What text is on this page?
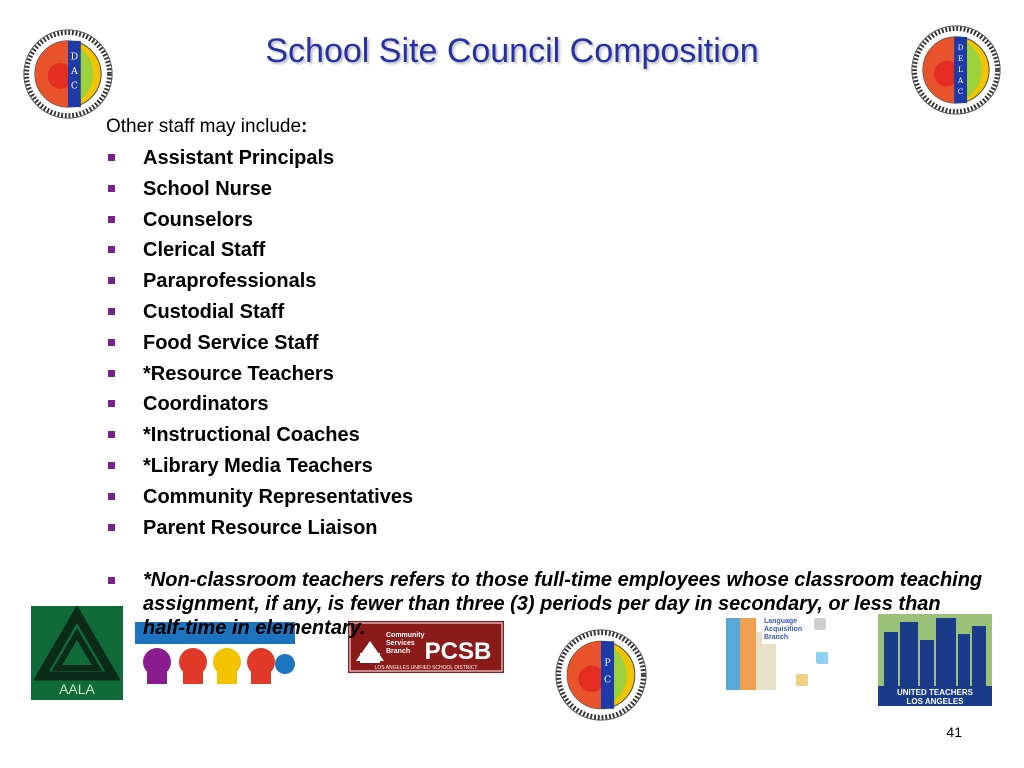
D
A
C
D
E
L
A
C
School Site Council Composition
Other staff may include:
Assistant Principals
School Nurse
Counselors
Clerical Staff
Paraprofessionals
Custodial Staff
Food Service Staff
*Resource Teachers
Coordinators
*Instructional Coaches
*Library Media Teachers
Community Representatives
Parent Resource Liaison
AALA
Community
Services
Branch PCSB
LOS ANGELES UNIFIED SCHOOL DISTRICT	P
C
Language
Acquisition
Branch
UNITED TEACHERS
LOS ANGELES
*Non-classroom teachers refers to those full-time employees whose classroom teaching assignment, if any, is fewer than three (3) periods per day in secondary, or less than half-time in elementary.
41
